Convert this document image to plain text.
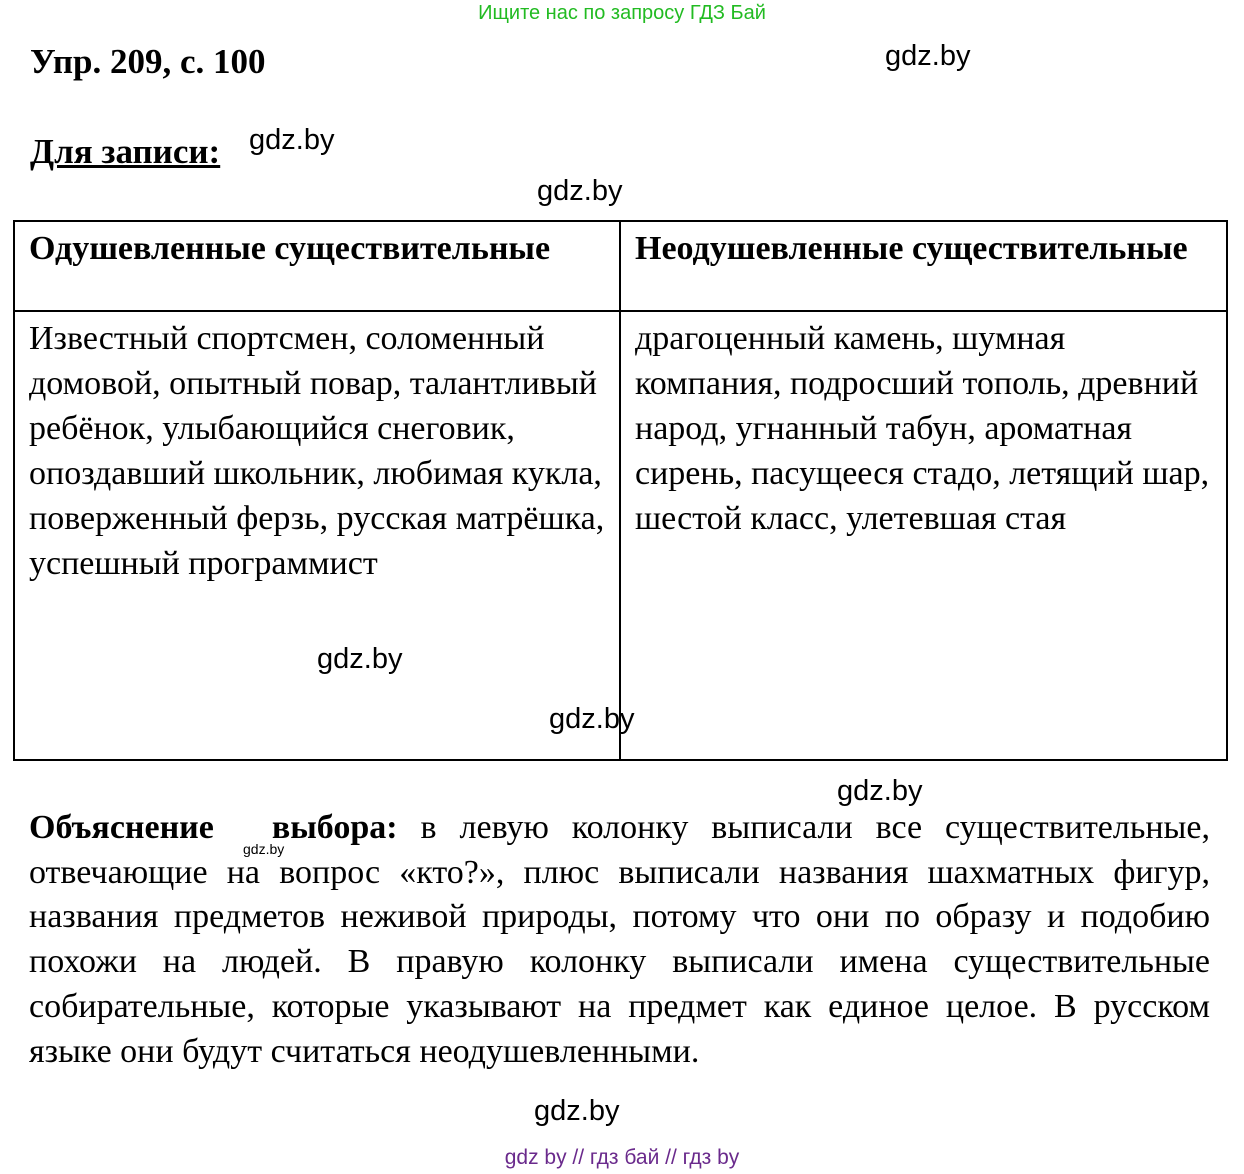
Ищите нас по запросу ГДЗ Бай
Упр. 209, с. 100
Для записи:
Одушевленные существительные	Неодушевленные существительные
Известный спортсмен, соломенный домовой, опытный повар, талантливый ребёнок, улыбающийся снеговик, опоздавший школьник, любимая кукла, поверженный ферзь, русская матрёшка, успешный программист	драгоценный камень, шумная компания, подросший тополь, древний народ, угнанный табун, ароматная сирень, пасущееся стадо, летящий шар, шестой класс, улетевшая стая
Объяснение выбора: в левую колонку выписали все существительные, отвечающие на вопрос «кто?», плюс выписали названия шахматных фигур, названия предметов неживой природы, потому что они по образу и подобию похожи на людей. В правую колонку выписали имена существительные собирательные, которые указывают на предмет как единое целое. В русском языке они будут считаться неодушевленными.
gdz.by
gdz.by
gdz.by
gdz.by
gdz.by
gdz.by
gdz.by
gdz.by
gdz by // гдз бай // гдз by
